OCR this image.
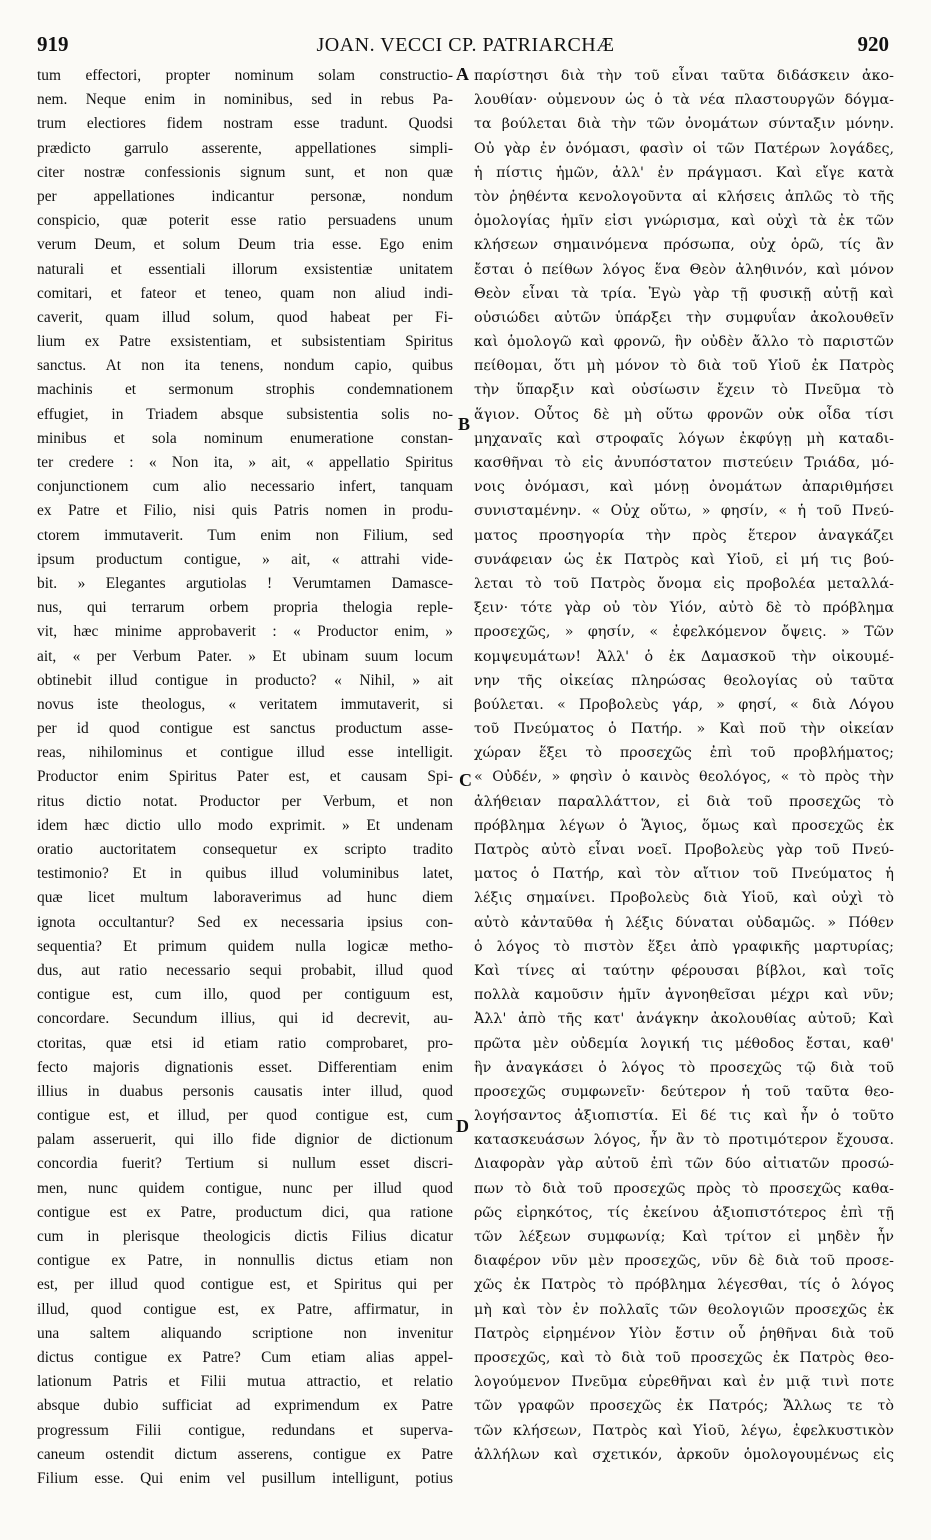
919	JOAN. VECCI CP. PATRIARCHÆ	920
A
B
C
D
tum effectori, propter nominum solam constructio-
nem. Neque enim in nominibus, sed in rebus Pa-
trum electiores fidem nostram esse tradunt. Quodsi
prædicto garrulo asserente, appellationes simpli-
citer nostræ confessionis signum sunt, et non quæ
per appellationes indicantur personæ, nondum
conspicio, quæ poterit esse ratio persuadens unum
verum Deum, et solum Deum tria esse. Ego enim
naturali et essentiali illorum exsistentiæ unitatem
comitari, et fateor et teneo, quam non aliud indi-
caverit, quam illud solum, quod habeat per Fi-
lium ex Patre exsistentiam, et subsistentiam Spiritus
sanctus. At non ita tenens, nondum capio, quibus
machinis et sermonum strophis condemnationem
effugiet, in Triadem absque subsistentia solis no-
minibus et sola nominum enumeratione constan-
ter credere : « Non ita, » ait, « appellatio Spiritus
conjunctionem cum alio necessario infert, tanquam
ex Patre et Filio, nisi quis Patris nomen in produ-
ctorem immutaverit. Tum enim non Filium, sed
ipsum productum contigue, » ait, « attrahi vide-
bit. » Elegantes argutiolas ! Verumtamen Damasce-
nus, qui terrarum orbem propria thelogia reple-
vit, hæc minime approbaverit : « Productor enim, »
ait, « per Verbum Pater. » Et ubinam suum locum
obtinebit illud contigue in producto? « Nihil, » ait
novus iste theologus, « veritatem immutaverit, si
per id quod contigue est sanctus productum asse-
reas, nihilominus et contigue illud esse intelligit.
Productor enim Spiritus Pater est, et causam Spi-
ritus dictio notat. Productor per Verbum, et non
idem hæc dictio ullo modo exprimit. » Et undenam
oratio auctoritatem consequetur ex scripto tradito
testimonio? Et in quibus illud voluminibus latet,
quæ licet multum laboraverimus ad hunc diem
ignota occultantur? Sed ex necessaria ipsius con-
sequentia? Et primum quidem nulla logicæ metho-
dus, aut ratio necessario sequi probabit, illud quod
contigue est, cum illo, quod per contiguum est,
concordare. Secundum illius, qui id decrevit, au-
ctoritas, quæ etsi id etiam ratio comprobaret, pro-
fecto majoris dignationis esset. Differentiam enim
illius in duabus personis causatis inter illud, quod
contigue est, et illud, per quod contigue est, cum
palam asseruerit, qui illo fide dignior de dictionum
concordia fuerit? Tertium si nullum esset discri-
men, nunc quidem contigue, nunc per illud quod
contigue est ex Patre, productum dici, qua ratione
cum in plerisque theologicis dictis Filius dicatur
contigue ex Patre, in nonnullis dictus etiam non
est, per illud quod contigue est, et Spiritus qui per
illud, quod contigue est, ex Patre, affirmatur, in
una saltem aliquando scriptione non invenitur
dictus contigue ex Patre? Cum etiam alias appel-
lationum Patris et Filii mutua attractio, et relatio
absque dubio sufficiat ad exprimendum ex Patre
progressum Filii contigue, redundans et superva-
caneum ostendit dictum asserens, contigue ex Patre
Filium esse. Qui enim vel pusillum intelligunt, potius
παρίστησι διὰ τὴν τοῦ εἶναι ταῦτα διδάσκειν ἀκο-
λουθίαν· οὐμενουν ὡς ὁ τὰ νέα πλαστουργῶν δόγμα-
τα βούλεται διὰ τὴν τῶν ὀνομάτων σύνταξιν μόνην.
Οὐ γὰρ ἐν ὀνόμασι, φασὶν οἱ τῶν Πατέρων λογάδες,
ἡ πίστις ἡμῶν, ἀλλ' ἐν πράγμασι. Καὶ εἴγε κατὰ
τὸν ῥηθέντα κενολογοῦντα αἱ κλήσεις ἁπλῶς τὸ τῆς
ὁμολογίας ἡμῖν εἰσι γνώρισμα, καὶ οὐχὶ τὰ ἐκ τῶν
κλήσεων σημαινόμενα πρόσωπα, οὐχ ὁρῶ, τίς ἂν
ἔσται ὁ πείθων λόγος ἕνα Θεὸν ἀληθινόν, καὶ μόνον
Θεὸν εἶναι τὰ τρία. Ἐγὼ γὰρ τῇ φυσικῇ αὐτῇ καὶ
οὐσιώδει αὐτῶν ὑπάρξει τὴν συμφυΐαν ἀκολουθεῖν
καὶ ὁμολογῶ καὶ φρονῶ, ἣν οὐδὲν ἄλλο τὸ παριστῶν
πείθομαι, ὅτι μὴ μόνον τὸ διὰ τοῦ Υἱοῦ ἐκ Πατρὸς
τὴν ὕπαρξιν καὶ οὐσίωσιν ἔχειν τὸ Πνεῦμα τὸ
ἅγιον. Οὗτος δὲ μὴ οὕτω φρονῶν οὐκ οἶδα τίσι
μηχαναῖς καὶ στροφαῖς λόγων ἐκφύγῃ μὴ καταδι-
κασθῆναι τὸ εἰς ἀνυπόστατον πιστεύειν Τριάδα, μό-
νοις ὀνόμασι, καὶ μόνῃ ὀνομάτων ἀπαριθμήσει
συνισταμένην. « Οὐχ οὕτω, » φησίν, « ἡ τοῦ Πνεύ-
ματος προσηγορία τὴν πρὸς ἕτερον ἀναγκάζει
συνάφειαν ὡς ἐκ Πατρὸς καὶ Υἱοῦ, εἰ μή τις βού-
λεται τὸ τοῦ Πατρὸς ὄνομα εἰς προβολέα μεταλλά-
ξειν· τότε γὰρ οὐ τὸν Υἱόν, αὐτὸ δὲ τὸ πρόβλημα
προσεχῶς, » φησίν, « ἐφελκόμενον ὄψεις. » Τῶν
κομψευμάτων! Ἀλλ' ὁ ἐκ Δαμασκοῦ τὴν οἰκουμέ-
νην τῆς οἰκείας πληρώσας θεολογίας οὐ ταῦτα
βούλεται. « Προβολεὺς γάρ, » φησί, « διὰ Λόγου
τοῦ Πνεύματος ὁ Πατήρ. » Καὶ ποῦ τὴν οἰκείαν
χώραν ἕξει τὸ προσεχῶς ἐπὶ τοῦ προβλήματος;
« Οὐδέν, » φησὶν ὁ καινὸς θεολόγος, « τὸ πρὸς τὴν
ἀλήθειαν παραλλάττον, εἰ διὰ τοῦ προσεχῶς τὸ
πρόβλημα λέγων ὁ Ἅγιος, ὅμως καὶ προσεχῶς ἐκ
Πατρὸς αὐτὸ εἶναι νοεῖ. Προβολεὺς γὰρ τοῦ Πνεύ-
ματος ὁ Πατήρ, καὶ τὸν αἴτιον τοῦ Πνεύματος ἡ
λέξις σημαίνει. Προβολεὺς διὰ Υἱοῦ, καὶ οὐχὶ τὸ
αὐτὸ κἀνταῦθα ἡ λέξις δύναται οὐδαμῶς. » Πόθεν
ὁ λόγος τὸ πιστὸν ἕξει ἀπὸ γραφικῆς μαρτυρίας;
Καὶ τίνες αἱ ταύτην φέρουσαι βίβλοι, καὶ τοῖς
πολλὰ καμοῦσιν ἡμῖν ἀγνοηθεῖσαι μέχρι καὶ νῦν;
Ἀλλ' ἀπὸ τῆς κατ' ἀνάγκην ἀκολουθίας αὐτοῦ; Καὶ
πρῶτα μὲν οὐδεμία λογική τις μέθοδος ἔσται, καθ'
ἣν ἀναγκάσει ὁ λόγος τὸ προσεχῶς τῷ διὰ τοῦ
προσεχῶς συμφωνεῖν· δεύτερον ἡ τοῦ ταῦτα θεο-
λογήσαντος ἀξιοπιστία. Εἰ δέ τις καὶ ἦν ὁ τοῦτο
κατασκευάσων λόγος, ἦν ἂν τὸ προτιμότερον ἔχουσα.
Διαφορὰν γὰρ αὐτοῦ ἐπὶ τῶν δύο αἰτιατῶν προσώ-
πων τὸ διὰ τοῦ προσεχῶς πρὸς τὸ προσεχῶς καθα-
ρῶς εἰρηκότος, τίς ἐκείνου ἀξιοπιστότερος ἐπὶ τῇ
τῶν λέξεων συμφωνίᾳ; Καὶ τρίτον εἰ μηδὲν ἦν
διαφέρον νῦν μὲν προσεχῶς, νῦν δὲ διὰ τοῦ προσε-
χῶς ἐκ Πατρὸς τὸ πρόβλημα λέγεσθαι, τίς ὁ λόγος
μὴ καὶ τὸν ἐν πολλαῖς τῶν θεολογιῶν προσεχῶς ἐκ
Πατρὸς εἰρημένον Υἱὸν ἔστιν οὗ ῥηθῆναι διὰ τοῦ
προσεχῶς, καὶ τὸ διὰ τοῦ προσεχῶς ἐκ Πατρὸς θεο-
λογούμενον Πνεῦμα εὑρεθῆναι καὶ ἐν μιᾷ τινὶ ποτε
τῶν γραφῶν προσεχῶς ἐκ Πατρός; Ἄλλως τε τὸ
τῶν κλήσεων, Πατρὸς καὶ Υἱοῦ, λέγω, ἐφελκυστικὸν
ἀλλήλων καὶ σχετικόν, ἀρκοῦν ὁμολογουμένως εἰς
